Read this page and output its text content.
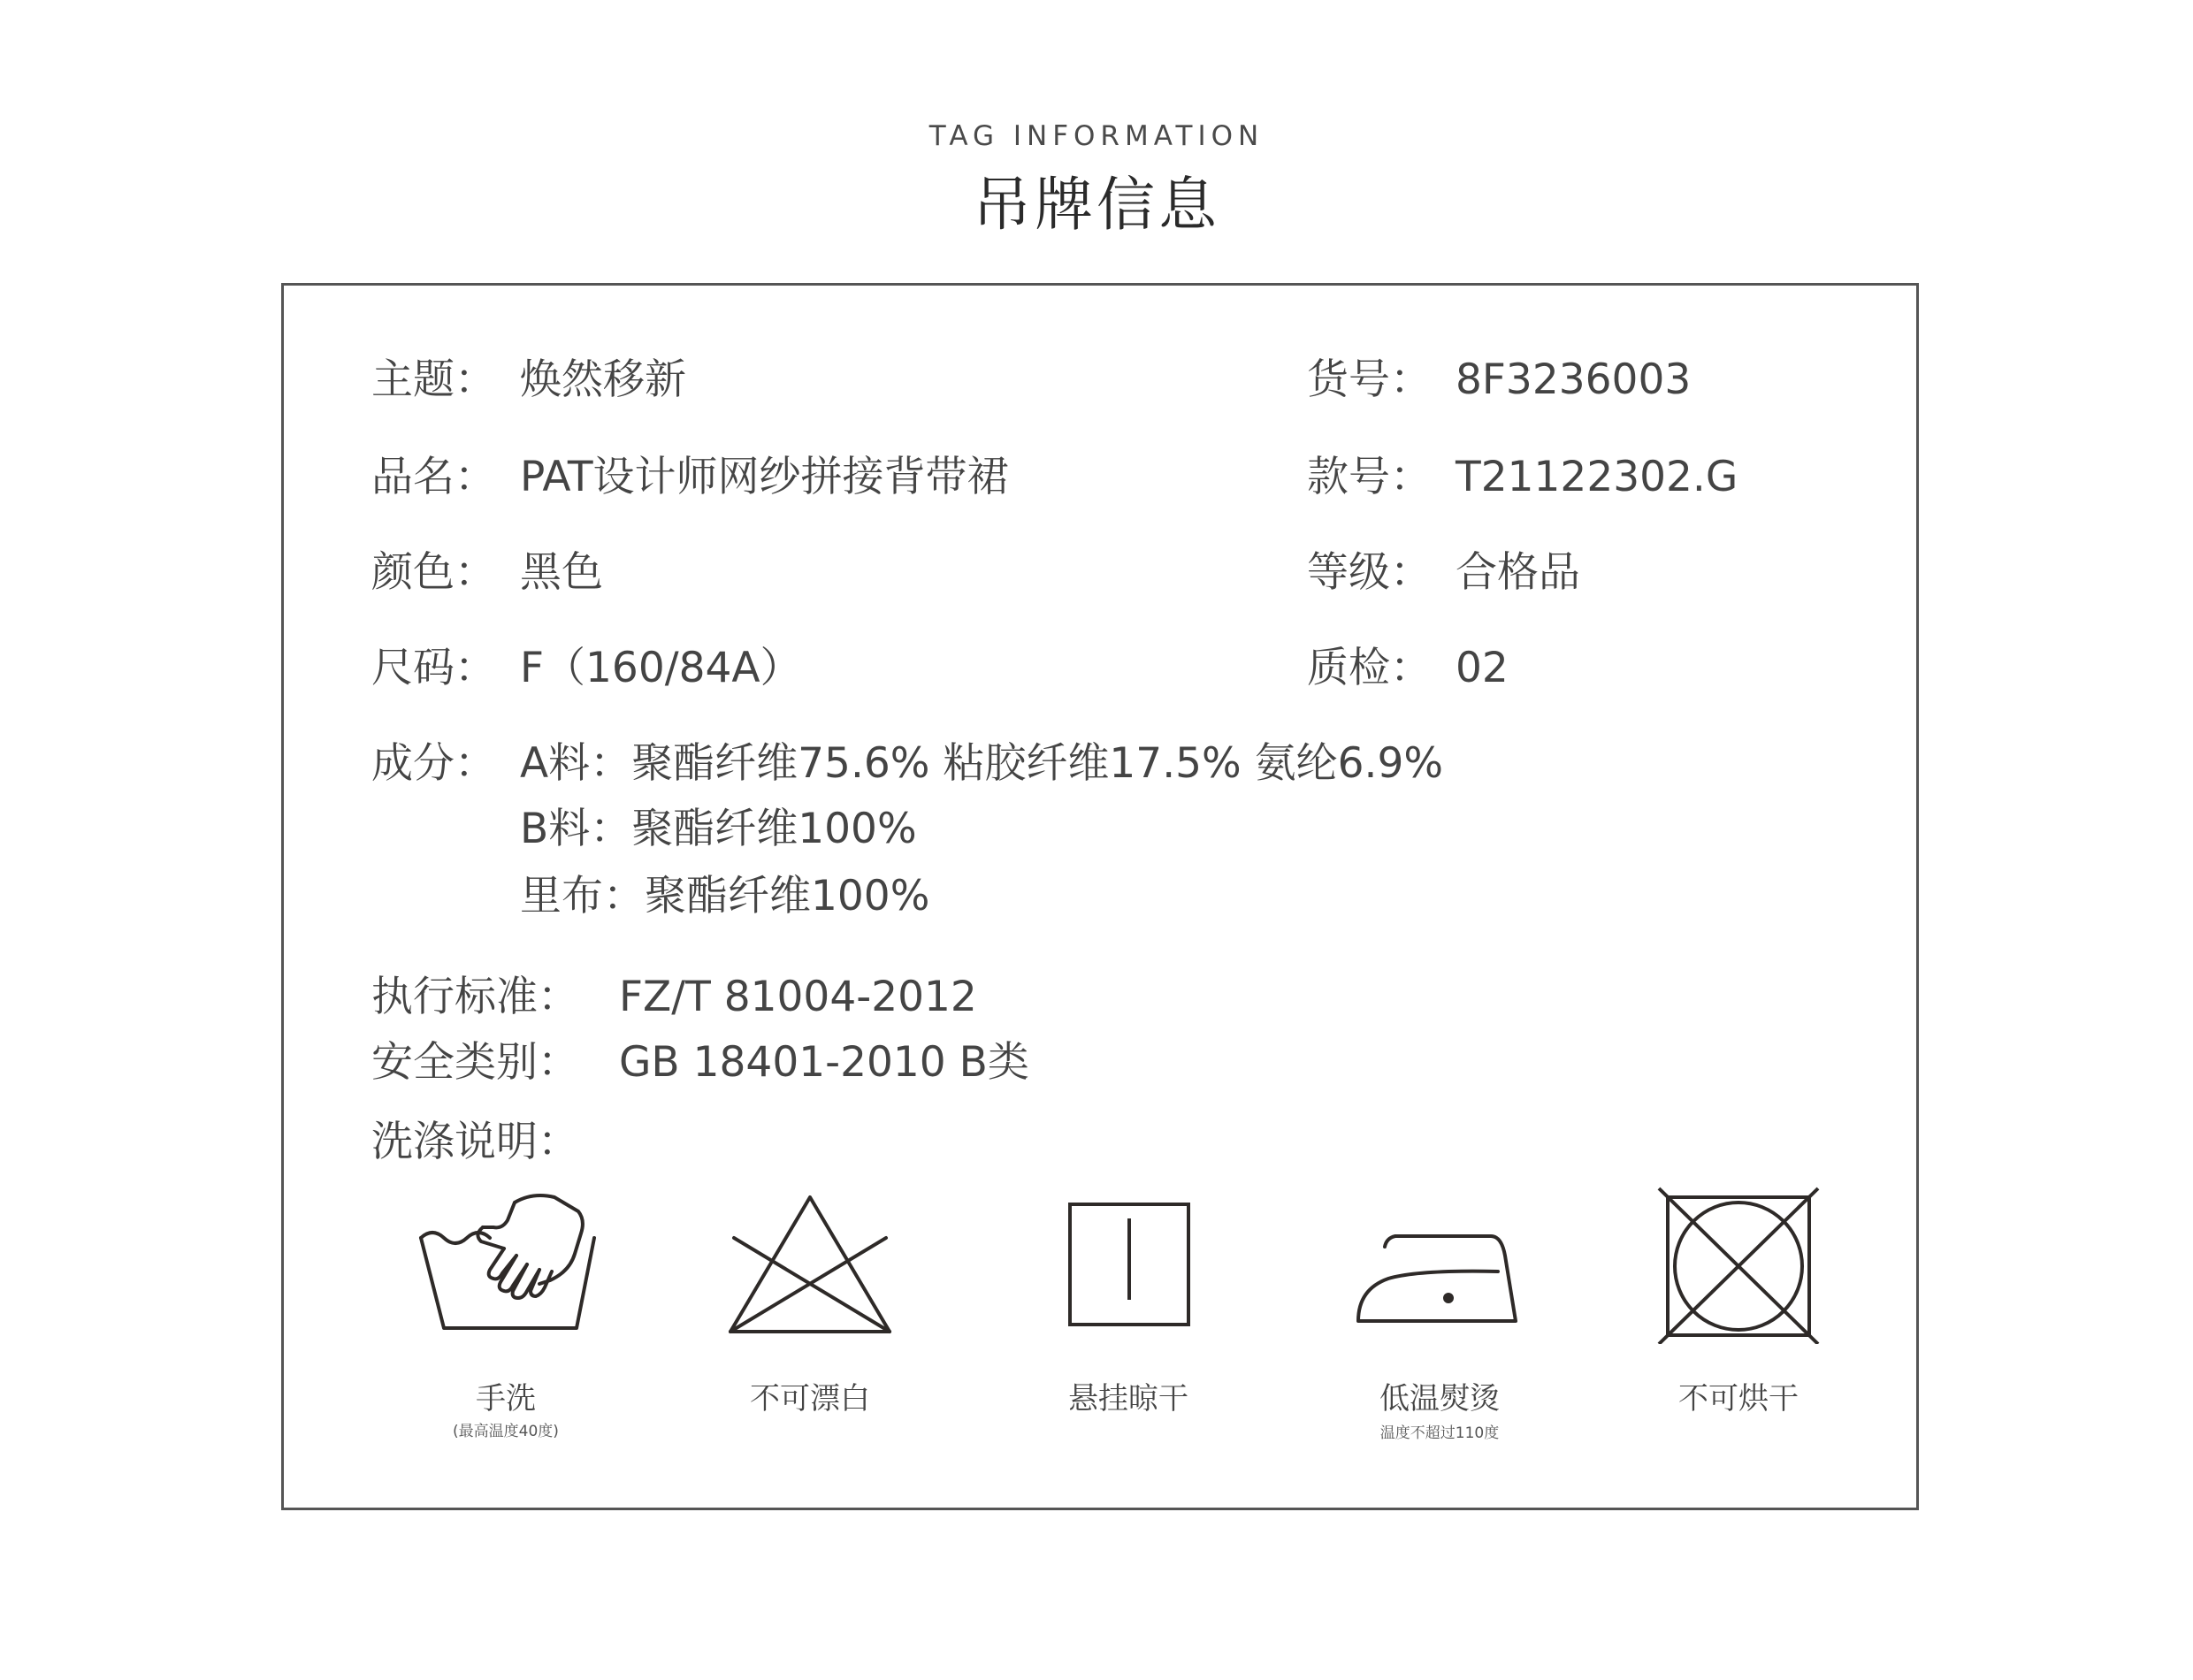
TAG INFORMATION
吊牌信息
主题： 焕然移新	货号： 8F3236003
品名： PAT设计师网纱拼接背带裙	款号： T21122302.G
颜色： 黑色	等级： 合格品
尺码： F（160/84A）	质检： 02
成分： A料：聚酯纤维75.6% 粘胶纤维17.5% 氨纶6.9%
B料：聚酯纤维100%
里布：聚酯纤维100%
执行标准： FZ/T 81004-2012
安全类别： GB 18401-2010 B类
洗涤说明：
手洗
(最高温度40度)
不可漂白	悬挂晾干	低温熨烫
温度不超过110度
不可烘干
